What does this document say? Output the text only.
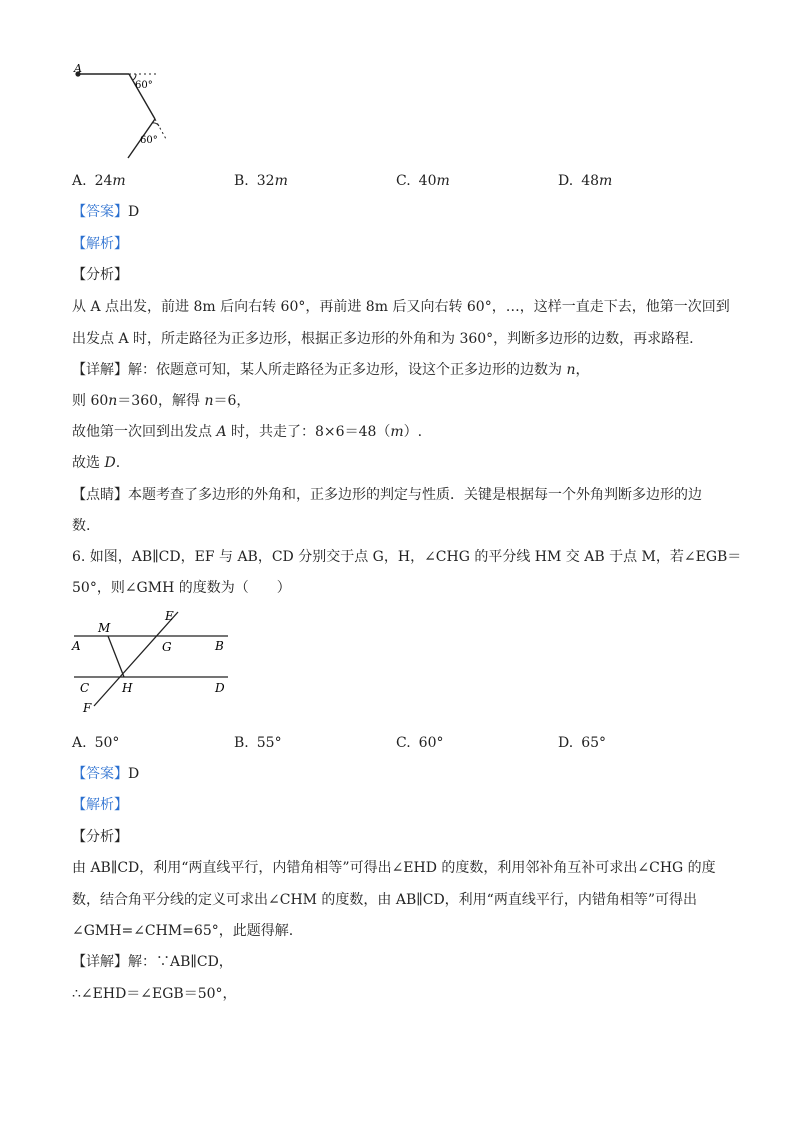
A
60°
60°
A. 24m	B. 32m	C. 40m	D. 48m
【答案】D
【解析】
【分析】
从 A 点出发，前进 8m 后向右转 60°，再前进 8m 后又向右转 60°，…，这样一直走下去，他第一次回到
出发点 A 时，所走路径为正多边形，根据正多边形的外角和为 360°，判断多边形的边数，再求路程.
【详解】解：依题意可知，某人所走路径为正多边形，设这个正多边形的边数为 n，
则 60n＝360，解得 n＝6，
故他第一次回到出发点 A 时，共走了：8×6＝48（m）.
故选 D.
【点睛】本题考查了多边形的外角和，正多边形的判定与性质．关键是根据每一个外角判断多边形的边
数.
6. 如图，AB∥CD，EF 与 AB，CD 分别交于点 G，H，∠CHG 的平分线 HM 交 AB 于点 M，若∠EGB＝
50°，则∠GMH 的度数为（　　）
M
E
A	G	B
C	H	D
F
A. 50°	B. 55°	C. 60°	D. 65°
【答案】D
【解析】
【分析】
由 AB∥CD，利用“两直线平行，内错角相等”可得出∠EHD 的度数，利用邻补角互补可求出∠CHG 的度
数，结合角平分线的定义可求出∠CHM 的度数，由 AB∥CD，利用“两直线平行，内错角相等”可得出
∠GMH=∠CHM=65°，此题得解.
【详解】解：∵AB∥CD，
∴∠EHD＝∠EGB＝50°，
